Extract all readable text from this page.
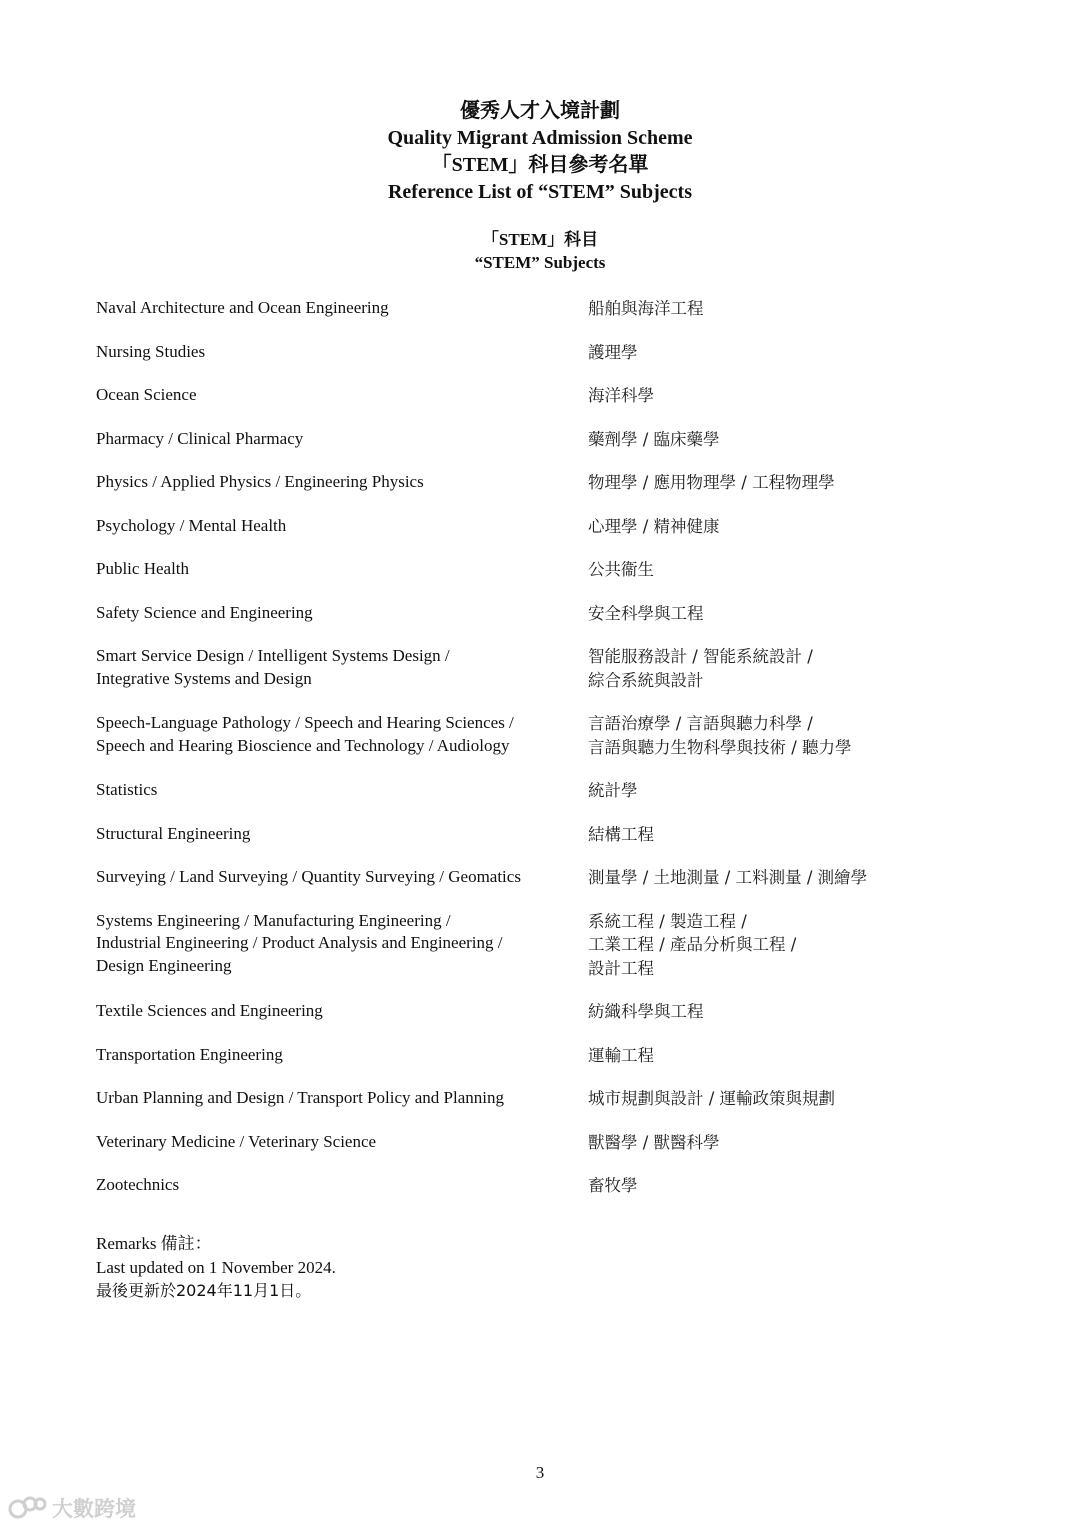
優秀人才入境計劃
Quality Migrant Admission Scheme
「STEM」科目參考名單
Reference List of “STEM” Subjects
「STEM」科目
“STEM” Subjects
Naval Architecture and Ocean Engineering	船舶與海洋工程
Nursing Studies	護理學
Ocean Science	海洋科學
Pharmacy / Clinical Pharmacy	藥劑學 / 臨床藥學
Physics / Applied Physics / Engineering Physics	物理學 / 應用物理學 / 工程物理學
Psychology / Mental Health	心理學 / 精神健康
Public Health	公共衞生
Safety Science and Engineering	安全科學與工程
Smart Service Design / Intelligent Systems Design /
Integrative Systems and Design
智能服務設計 / 智能系統設計 /
綜合系統與設計
Speech-Language Pathology / Speech and Hearing Sciences /
Speech and Hearing Bioscience and Technology / Audiology
言語治療學 / 言語與聽力科學 /
言語與聽力生物科學與技術 / 聽力學
Statistics	統計學
Structural Engineering	結構工程
Surveying / Land Surveying / Quantity Surveying / Geomatics	測量學 / 土地測量 / 工料測量 / 測繪學
Systems Engineering / Manufacturing Engineering /
Industrial Engineering / Product Analysis and Engineering /
Design Engineering
系統工程 / 製造工程 /
工業工程 / 產品分析與工程 /
設計工程
Textile Sciences and Engineering	紡織科學與工程
Transportation Engineering	運輸工程
Urban Planning and Design / Transport Policy and Planning	城市規劃與設計 / 運輸政策與規劃
Veterinary Medicine / Veterinary Science	獸醫學 / 獸醫科學
Zootechnics	畜牧學
Remarks 備註：
Last updated on 1 November 2024.
最後更新於2024年11月1日。
3
大數跨境
